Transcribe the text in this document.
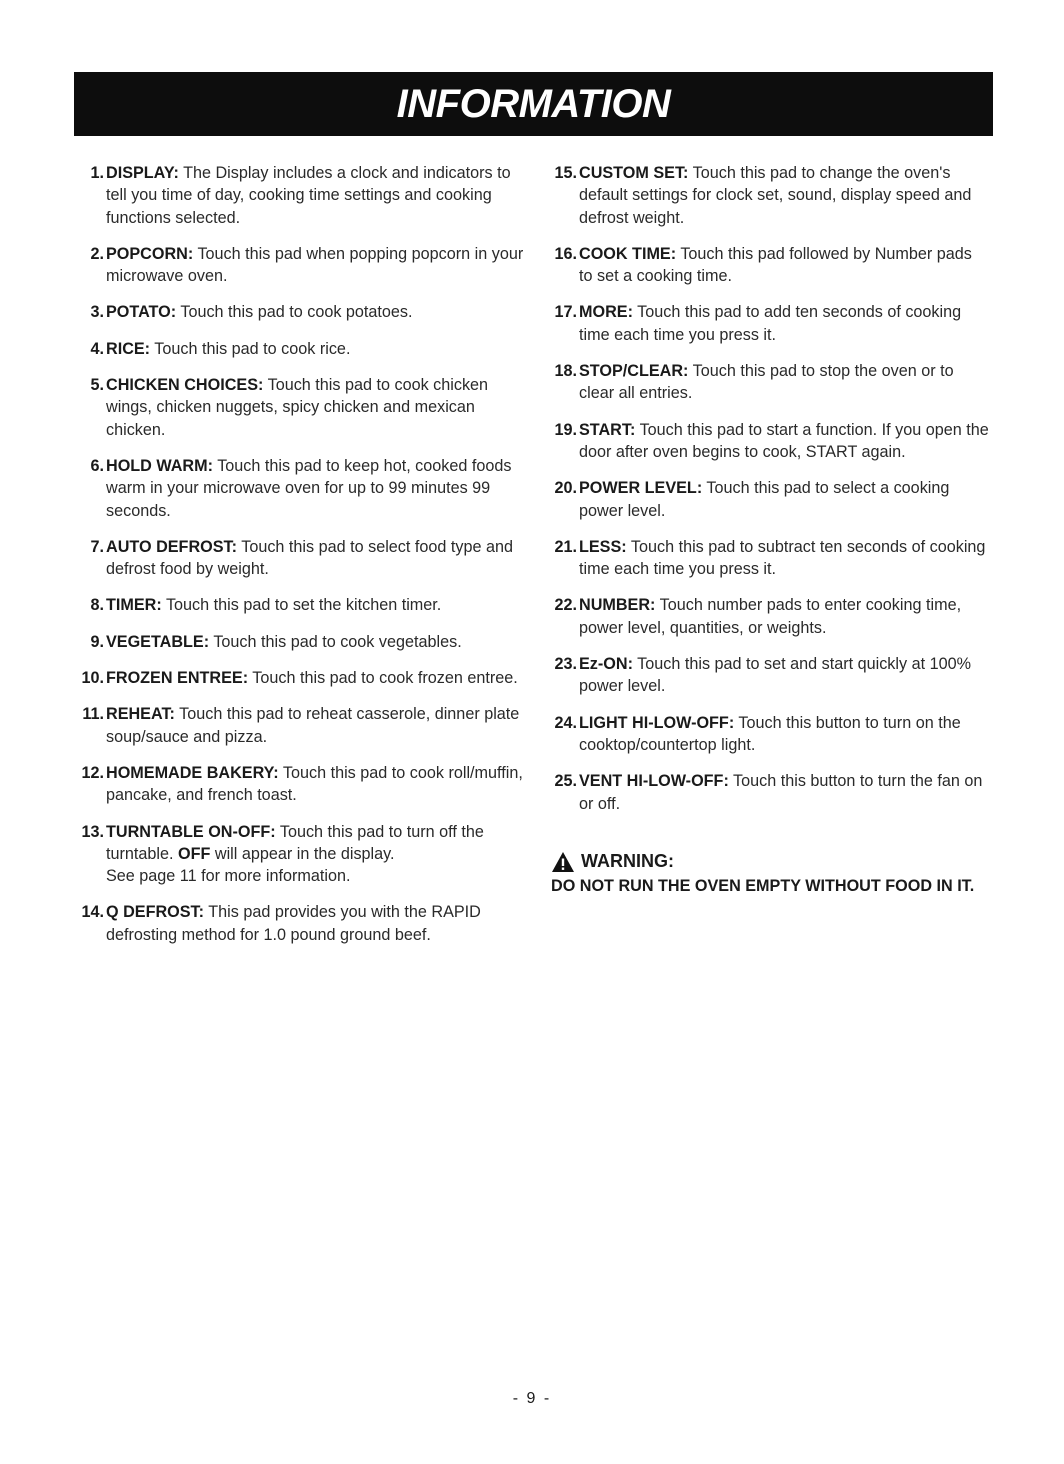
INFORMATION
1. DISPLAY: The Display includes a clock and indicators to tell you time of day, cooking time settings and cooking functions selected.
2. POPCORN: Touch this pad when popping popcorn in your microwave oven.
3. POTATO: Touch this pad to cook potatoes.
4. RICE: Touch this pad to cook rice.
5. CHICKEN CHOICES: Touch this pad to cook chicken wings, chicken nuggets, spicy chicken and mexican chicken.
6. HOLD WARM: Touch this pad to keep hot, cooked foods warm in your microwave oven for up to 99 minutes 99 seconds.
7. AUTO DEFROST: Touch this pad to select food type and defrost food by weight.
8. TIMER: Touch this pad to set the kitchen timer.
9. VEGETABLE: Touch this pad to cook vegetables.
10. FROZEN ENTREE: Touch this pad to cook frozen entree.
11. REHEAT: Touch this pad to reheat casserole, dinner plate soup/sauce and pizza.
12. HOMEMADE BAKERY: Touch this pad to cook roll/muffin, pancake, and french toast.
13. TURNTABLE ON-OFF: Touch this pad to turn off the turntable. OFF will appear in the display.
See page 11 for more information.
14. Q DEFROST: This pad provides you with the RAPID defrosting method for 1.0 pound ground beef.
15. CUSTOM SET: Touch this pad to change the oven's default settings for clock set, sound, display speed and defrost weight.
16. COOK TIME: Touch this pad followed by Number pads to set a cooking time.
17. MORE: Touch this pad to add ten seconds of cooking time each time you press it.
18. STOP/CLEAR: Touch this pad to stop the oven or to clear all entries.
19. START: Touch this pad to start a function. If you open the door after oven begins to cook, START again.
20. POWER LEVEL: Touch this pad to select a cooking power level.
21. LESS: Touch this pad to subtract ten seconds of cooking time each time you press it.
22. NUMBER: Touch number pads to enter cooking time, power level, quantities, or weights.
23. Ez-ON: Touch this pad to set and start quickly at 100% power level.
24. LIGHT HI-LOW-OFF: Touch this button to turn on the cooktop/countertop light.
25. VENT HI-LOW-OFF: Touch this button to turn the fan on or off.
WARNING:
DO NOT RUN THE OVEN EMPTY WITHOUT FOOD IN IT.
- 9 -
